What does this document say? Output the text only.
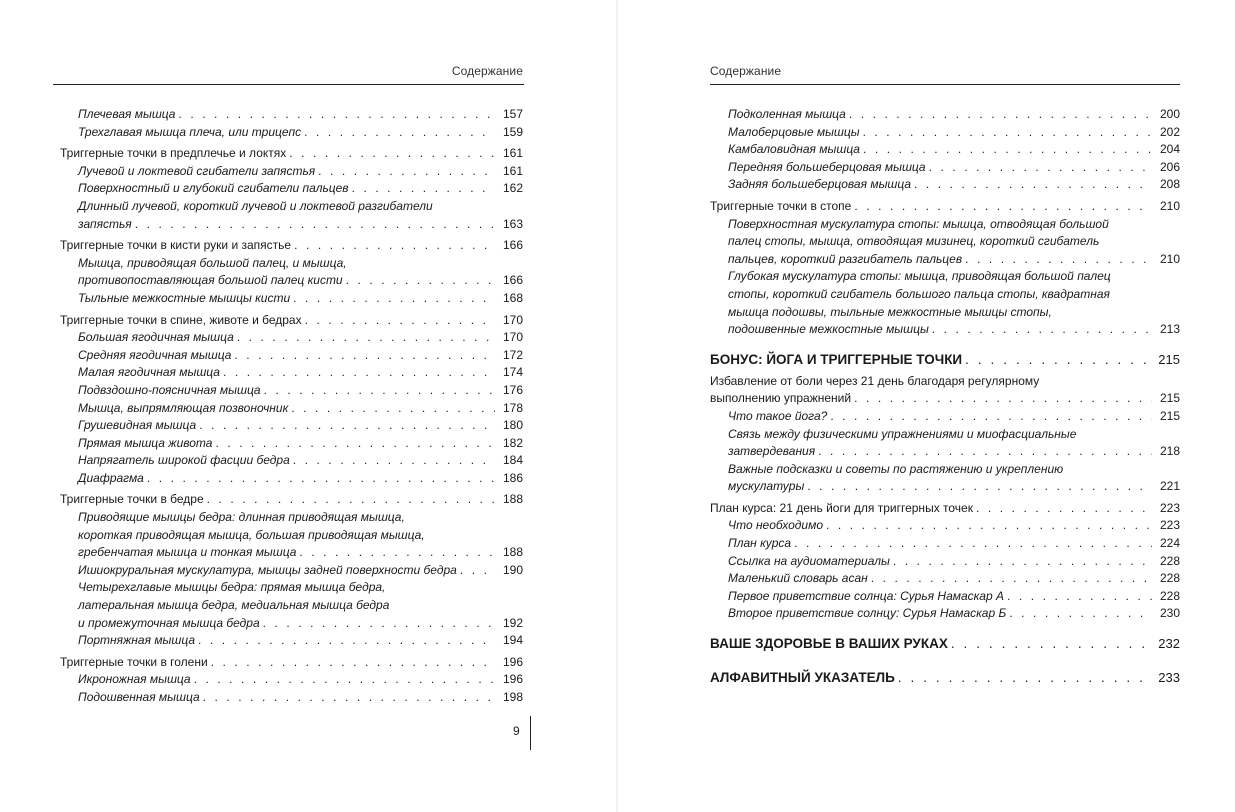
Содержание
Плечевая мышца . . .	157
Трехглавая мышца плеча, или трицепс . . .	159
Триггерные точки в предплечье и локтях . . .	161
Лучевой и локтевой сгибатели запястья . . .	161
Поверхностный и глубокий сгибатели пальцев . . .	162
Длинный лучевой, короткий лучевой и локтевой разгибатели
запястья . . .	163
Триггерные точки в кисти руки и запястье . . .	166
Мышца, приводящая большой палец, и мышца,
противопоставляющая большой палец кисти . . .	166
Тыльные межкостные мышцы кисти . . .	168
Триггерные точки в спине, животе и бедрах . . .	170
Большая ягодичная мышца . . .	170
Средняя ягодичная мышца . . .	172
Малая ягодичная мышца . . .	174
Подвздошно-поясничная мышца . . .	176
Мышца, выпрямляющая позвоночник . . .	178
Грушевидная мышца . . .	180
Прямая мышца живота . . .	182
Напрягатель широкой фасции бедра . . .	184
Диафрагма . . .	186
Триггерные точки в бедре . . .	188
Приводящие мышцы бедра: длинная приводящая мышца,
короткая приводящая мышца, большая приводящая мышца,
гребенчатая мышца и тонкая мышца . . .	188
Ишиокруральная мускулатура, мышцы задней поверхности бедра . . .	190
Четырехглавые мышцы бедра: прямая мышца бедра,
латеральная мышца бедра, медиальная мышца бедра
и промежуточная мышца бедра . . .	192
Портняжная мышца . . .	194
Триггерные точки в голени . . .	196
Икроножная мышца . . .	196
Подошвенная мышца . . .	198
9
Содержание
Подколенная мышца . . .	200
Малоберцовые мышцы . . .	202
Камбаловидная мышца . . .	204
Передняя большеберцовая мышца . . .	206
Задняя большеберцовая мышца . . .	208
Триггерные точки в стопе . . .	210
Поверхностная мускулатура стопы: мышца, отводящая большой
палец стопы, мышца, отводящая мизинец, короткий сгибатель
пальцев, короткий разгибатель пальцев . . .	210
Глубокая мускулатура стопы: мышца, приводящая большой палец
стопы, короткий сгибатель большого пальца стопы, квадратная
мышца подошвы, тыльные межкостные мышцы стопы,
подошвенные межкостные мышцы . . .	213
БОНУС: ЙОГА И ТРИГГЕРНЫЕ ТОЧКИ . . .	215
Избавление от боли через 21 день благодаря регулярному
выполнению упражнений . . .	215
Что такое йога? . . .	215
Связь между физическими упражнениями и миофасциальные
затвердевания . . .	218
Важные подсказки и советы по растяжению и укреплению
мускулатуры . . .	221
План курса: 21 день йоги для триггерных точек . . .	223
Что необходимо . . .	223
План курса . . .	224
Ссылка на аудиоматериалы . . .	228
Маленький словарь асан . . .	228
Первое приветствие солнца: Сурья Намаскар А . . .	228
Второе приветствие солнцу: Сурья Намаскар Б . . .	230
ВАШЕ ЗДОРОВЬЕ В ВАШИХ РУКАХ . . .	232
АЛФАВИТНЫЙ УКАЗАТЕЛЬ . . .	233
